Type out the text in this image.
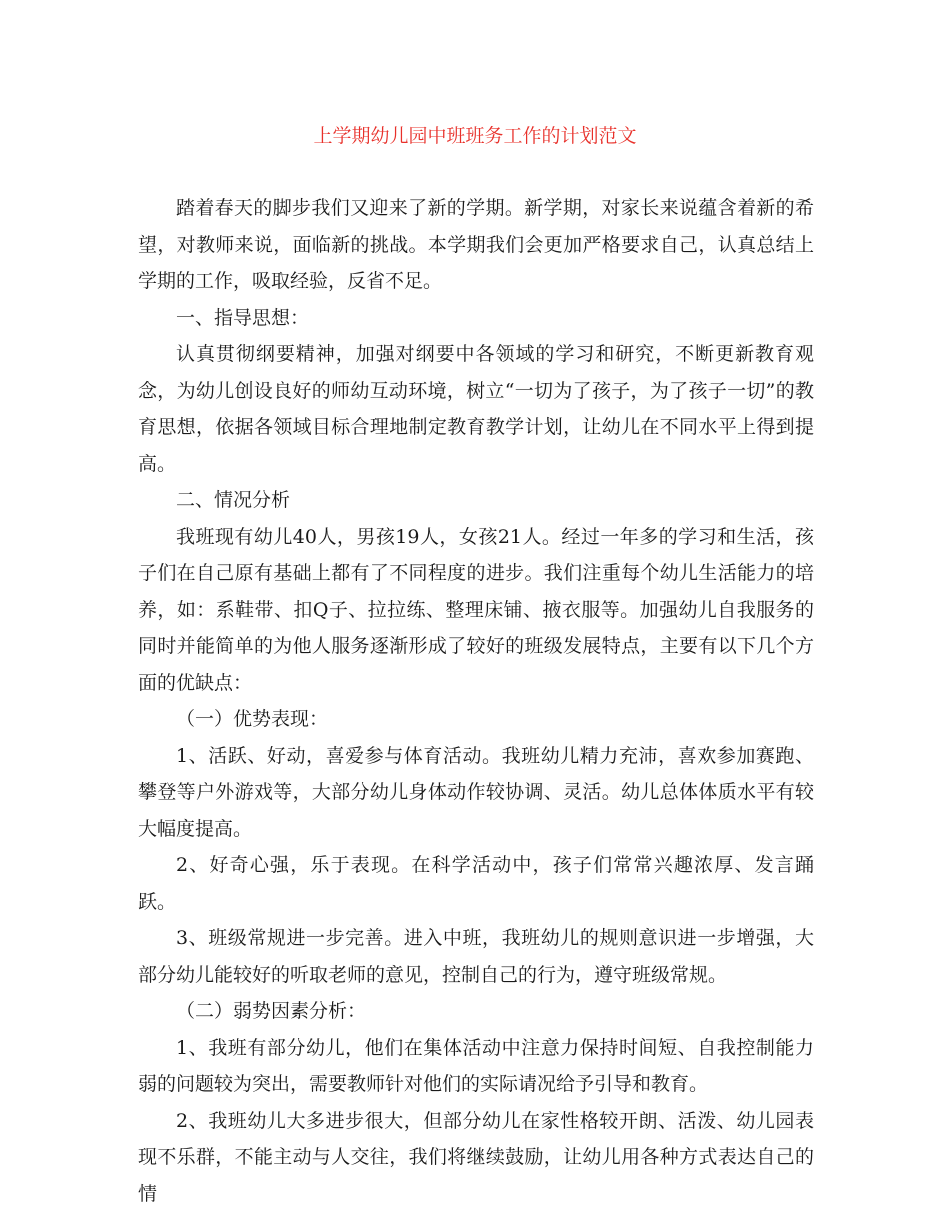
上学期幼儿园中班班务工作的计划范文

踏着春天的脚步我们又迎来了新的学期。新学期，对家长来说蕴含着新的希望，对教师来说，面临新的挑战。本学期我们会更加严格要求自己，认真总结上学期的工作，吸取经验，反省不足。

一、指导思想：

认真贯彻纲要精神，加强对纲要中各领域的学习和研究，不断更新教育观念，为幼儿创设良好的师幼互动环境，树立“一切为了孩子，为了孩子一切”的教育思想，依据各领域目标合理地制定教育教学计划，让幼儿在不同水平上得到提高。

二、情况分析

我班现有幼儿40人，男孩19人，女孩21人。经过一年多的学习和生活，孩子们在自己原有基础上都有了不同程度的进步。我们注重每个幼儿生活能力的培养，如：系鞋带、扣Q子、拉拉练、整理床铺、掖衣服等。加强幼儿自我服务的同时并能简单的为他人服务逐渐形成了较好的班级发展特点，主要有以下几个方面的优缺点：

（一）优势表现：

1、活跃、好动，喜爱参与体育活动。我班幼儿精力充沛，喜欢参加赛跑、攀登等户外游戏等，大部分幼儿身体动作较协调、灵活。幼儿总体体质水平有较大幅度提高。

2、好奇心强，乐于表现。在科学活动中，孩子们常常兴趣浓厚、发言踊跃。

3、班级常规进一步完善。进入中班，我班幼儿的规则意识进一步增强，大部分幼儿能较好的听取老师的意见，控制自己的行为，遵守班级常规。

（二）弱势因素分析：

1、我班有部分幼儿，他们在集体活动中注意力保持时间短、自我控制能力弱的问题较为突出，需要教师针对他们的实际请况给予引导和教育。

2、我班幼儿大多进步很大，但部分幼儿在家性格较开朗、活泼、幼儿园表现不乐群，不能主动与人交往，我们将继续鼓励，让幼儿用各种方式表达自己的情
